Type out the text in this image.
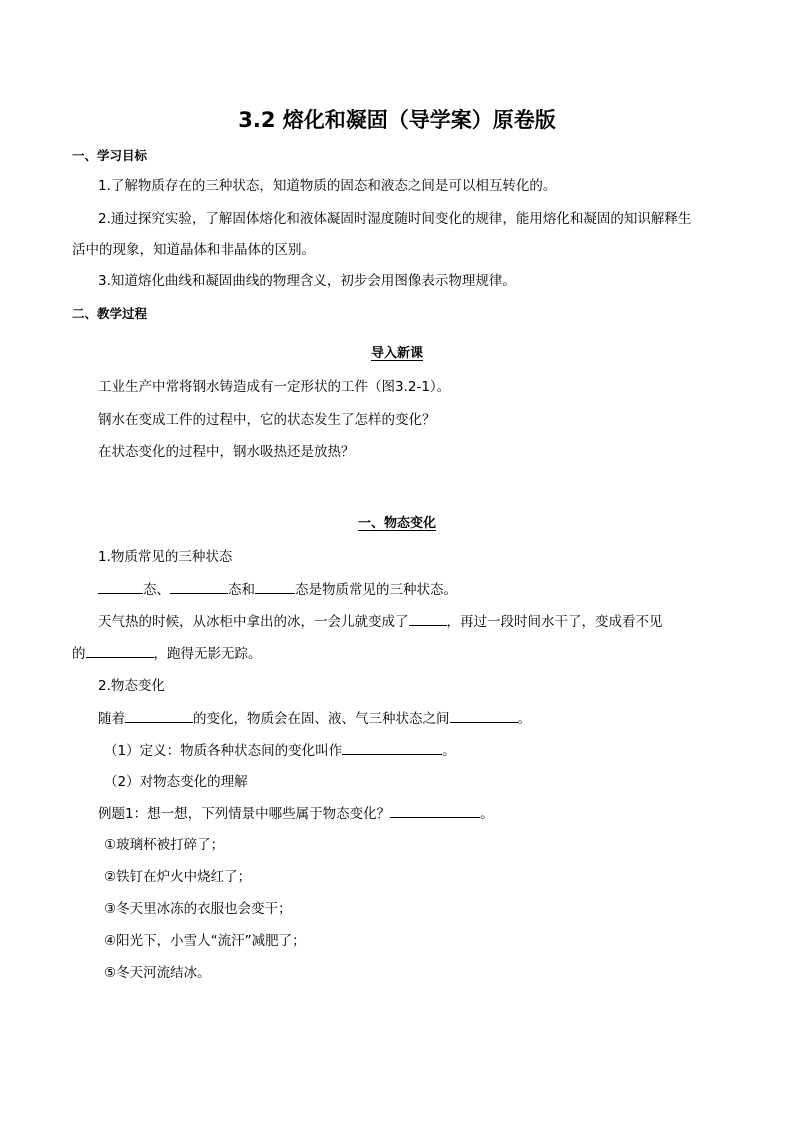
3.2 熔化和凝固（导学案）原卷版
一、学习目标
1.了解物质存在的三种状态，知道物质的固态和液态之间是可以相互转化的。
2.通过探究实验，了解固体熔化和液体凝固时湿度随时间变化的规律，能用熔化和凝固的知识解释生
活中的现象，知道晶体和非晶体的区别。
3.知道熔化曲线和凝固曲线的物理含义，初步会用图像表示物理规律。
二、教学过程
导入新课
工业生产中常将钢水铸造成有一定形状的工件（图3.2-1）。
钢水在变成工件的过程中，它的状态发生了怎样的变化？
在状态变化的过程中，钢水吸热还是放热？
一、物态变化
1.物质常见的三种状态
态、	态和	态是物质常见的三种状态。
天气热的时候，从冰柜中拿出的冰，一会儿就变成了	，再过一段时间水干了，变成看不见
的	，跑得无影无踪。
2.物态变化
随着	的变化，物质会在固、液、气三种状态之间	。
（1）定义：物质各种状态间的变化叫作	。
（2）对物态变化的理解
例题1：想一想，下列情景中哪些属于物态变化？	。
①玻璃杯被打碎了；
②铁钉在炉火中烧红了；
③冬天里冰冻的衣服也会变干；
④阳光下，小雪人“流汗”减肥了；
⑤冬天河流结冰。
